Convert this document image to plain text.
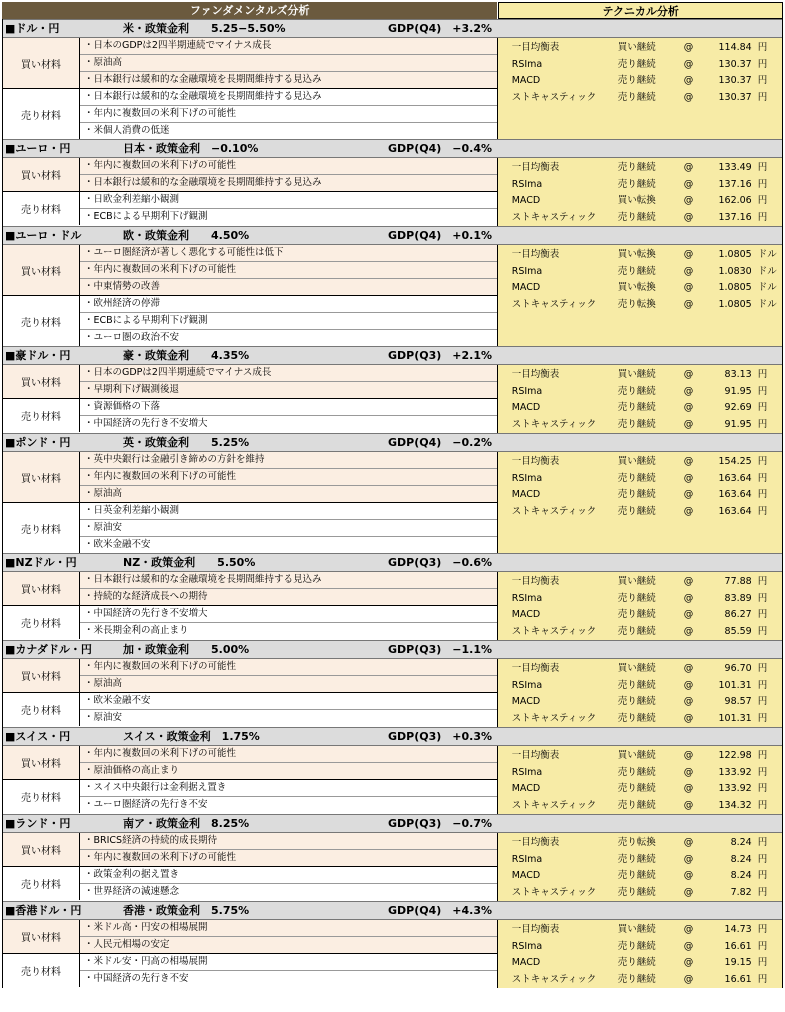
ファンダメンタルズ分析	テクニカル分析
■ドル・円	米・政策金利　　5.25−5.50%	GDP(Q4)　+3.2%
買い材料
・日本のGDPは2四半期連続でマイナス成長
・原油高
・日本銀行は緩和的な金融環境を長期間維持する見込み
売り材料
・日本銀行は緩和的な金融環境を長期間維持する見込み
・年内に複数回の米利下げの可能性
・米個人消費の低迷
一目均衡表	買い継続	@	114.84 円
RSIma	売り継続	@	130.37 円
MACD	売り継続	@	130.37 円
ストキャスティック 売り継続	@	130.37 円
■ユーロ・円	日本・政策金利　−0.10%	GDP(Q4)　−0.4%
買い材料
・年内に複数回の米利下げの可能性
・日本銀行は緩和的な金融環境を長期間維持する見込み
売り材料
・日欧金利差縮小観測
・ECBによる早期利下げ観測
一目均衡表	売り継続	@	133.49 円
RSIma	売り継続	@	137.16 円
MACD	買い転換	@	162.06 円
ストキャスティック 売り継続	@	137.16 円
■ユーロ・ドル	欧・政策金利　　4.50%	GDP(Q4)　+0.1%
買い材料
・ユーロ圏経済が著しく悪化する可能性は低下
・年内に複数回の米利下げの可能性
・中東情勢の改善
売り材料
・欧州経済の停滞
・ECBによる早期利下げ観測
・ユーロ圏の政治不安
一目均衡表	買い転換	@	1.0805 ドル
RSIma	売り継続	@	1.0830 ドル
MACD	買い転換	@	1.0805 ドル
ストキャスティック 売り転換	@	1.0805 ドル
■豪ドル・円	豪・政策金利　　4.35%	GDP(Q3)　+2.1%
買い材料
・日本のGDPは2四半期連続でマイナス成長
・早期利下げ観測後退
売り材料
・資源価格の下落
・中国経済の先行き不安増大
一目均衡表	買い継続	@	83.13 円
RSIma	売り継続	@	91.95 円
MACD	売り継続	@	92.69 円
ストキャスティック 売り継続	@	91.95 円
■ポンド・円	英・政策金利　　5.25%	GDP(Q4)　−0.2%
買い材料
・英中央銀行は金融引き締めの方針を維持
・年内に複数回の米利下げの可能性
・原油高
売り材料
・日英金利差縮小観測
・原油安
・欧米金融不安
一目均衡表	買い継続	@	154.25 円
RSIma	売り継続	@	163.64 円
MACD	売り継続	@	163.64 円
ストキャスティック 売り継続	@	163.64 円
■NZドル・円	NZ・政策金利　　5.50%	GDP(Q3)　−0.6%
買い材料
・日本銀行は緩和的な金融環境を長期間維持する見込み
・持続的な経済成長への期待
売り材料
・中国経済の先行き不安増大
・米長期金利の高止まり
一目均衡表	買い継続	@	77.88 円
RSIma	売り継続	@	83.89 円
MACD	売り継続	@	86.27 円
ストキャスティック 売り継続	@	85.59 円
■カナダドル・円	加・政策金利　　5.00%	GDP(Q3)　−1.1%
買い材料
・年内に複数回の米利下げの可能性
・原油高
売り材料
・欧米金融不安
・原油安
一目均衡表	買い継続	@	96.70 円
RSIma	売り継続	@	101.31 円
MACD	売り継続	@	98.57 円
ストキャスティック 売り継続	@	101.31 円
■スイス・円	スイス・政策金利　1.75%	GDP(Q3)　+0.3%
買い材料
・年内に複数回の米利下げの可能性
・原油価格の高止まり
売り材料
・スイス中央銀行は金利据え置き
・ユーロ圏経済の先行き不安
一目均衡表	買い継続	@	122.98 円
RSIma	売り継続	@	133.92 円
MACD	売り継続	@	133.92 円
ストキャスティック 売り継続	@	134.32 円
■ランド・円	南ア・政策金利　8.25%	GDP(Q3)　−0.7%
買い材料
・BRICS経済の持続的成長期待
・年内に複数回の米利下げの可能性
売り材料
・政策金利の据え置き
・世界経済の減速懸念
一目均衡表	売り転換	@	8.24 円
RSIma	売り継続	@	8.24 円
MACD	売り継続	@	8.24 円
ストキャスティック 売り継続	@	7.82 円
■香港ドル・円	香港・政策金利　5.75%	GDP(Q4)　+4.3%
買い材料
・米ドル高・円安の相場展開
・人民元相場の安定
売り材料
・米ドル安・円高の相場展開
・中国経済の先行き不安
一目均衡表	買い継続	@	14.73 円
RSIma	売り継続	@	16.61 円
MACD	売り継続	@	19.15 円
ストキャスティック 売り継続	@	16.61 円
